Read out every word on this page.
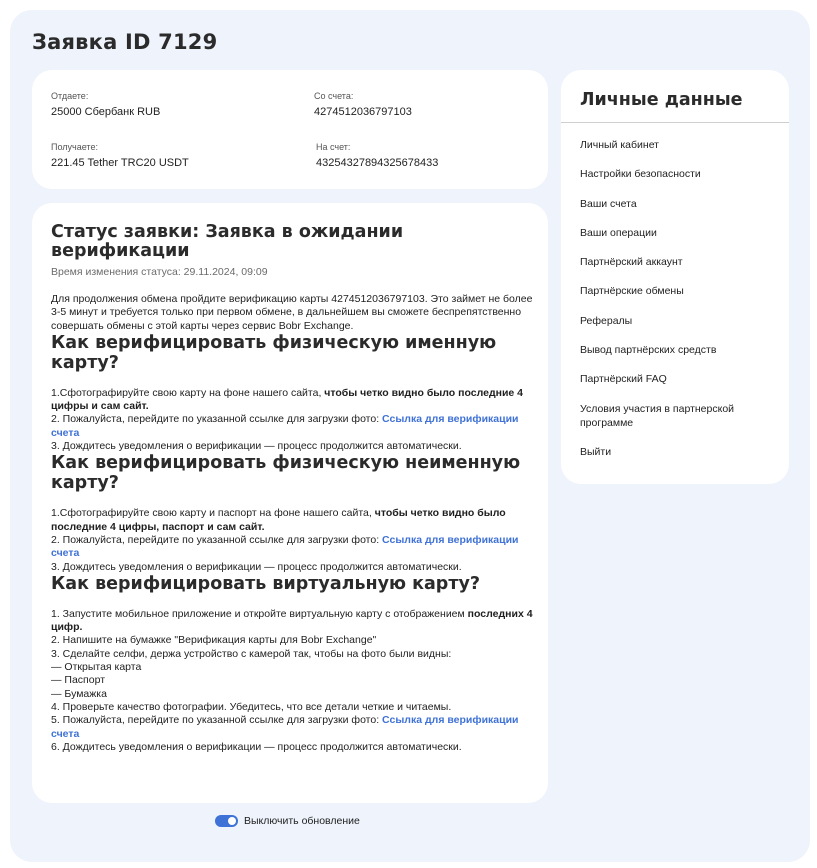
Заявка ID 7129
Отдаете:
25000 Сбербанк RUB
Со счета:
4274512036797103
Получаете:
221.45 Tether TRC20 USDT
На счет:
43254327894325678433
Статус заявки: Заявка в ожидании верификации
Время изменения статуса: 29.11.2024, 09:09
Для продолжения обмена пройдите верификацию карты 4274512036797103. Это займет не более 3-5 минут и требуется только при первом обмене, в дальнейшем вы сможете беспрепятственно совершать обмены с этой карты через сервис Bobr Exchange.
Как верифицировать физическую именную карту?
1.Сфотографируйте свою карту на фоне нашего сайта, чтобы четко видно было последние 4 цифры и сам сайт.
2. Пожалуйста, перейдите по указанной ссылке для загрузки фото: Ссылка для верификации счета
3. Дождитесь уведомления о верификации — процесс продолжится автоматически.
Как верифицировать физическую неименную карту?
1.Сфотографируйте свою карту и паспорт на фоне нашего сайта, чтобы четко видно было последние 4 цифры, паспорт и сам сайт.
2. Пожалуйста, перейдите по указанной ссылке для загрузки фото: Ссылка для верификации счета
3. Дождитесь уведомления о верификации — процесс продолжится автоматически.
Как верифицировать виртуальную карту?
1. Запустите мобильное приложение и откройте виртуальную карту с отображением последних 4 цифр.
2. Напишите на бумажке "Верификация карты для Bobr Exchange"
3. Сделайте селфи, держа устройство с камерой так, чтобы на фото были видны:
— Открытая карта
— Паспорт
— Бумажка
4. Проверьте качество фотографии. Убедитесь, что все детали четкие и читаемы.
5. Пожалуйста, перейдите по указанной ссылке для загрузки фото: Ссылка для верификации счета
6. Дождитесь уведомления о верификации — процесс продолжится автоматически.
Личные данные
Личный кабинет
Настройки безопасности
Ваши счета
Ваши операции
Партнёрский аккаунт
Партнёрские обмены
Рефералы
Вывод партнёрских средств
Партнёрский FAQ
Условия участия в партнерской программе
Выйти
Выключить обновление
